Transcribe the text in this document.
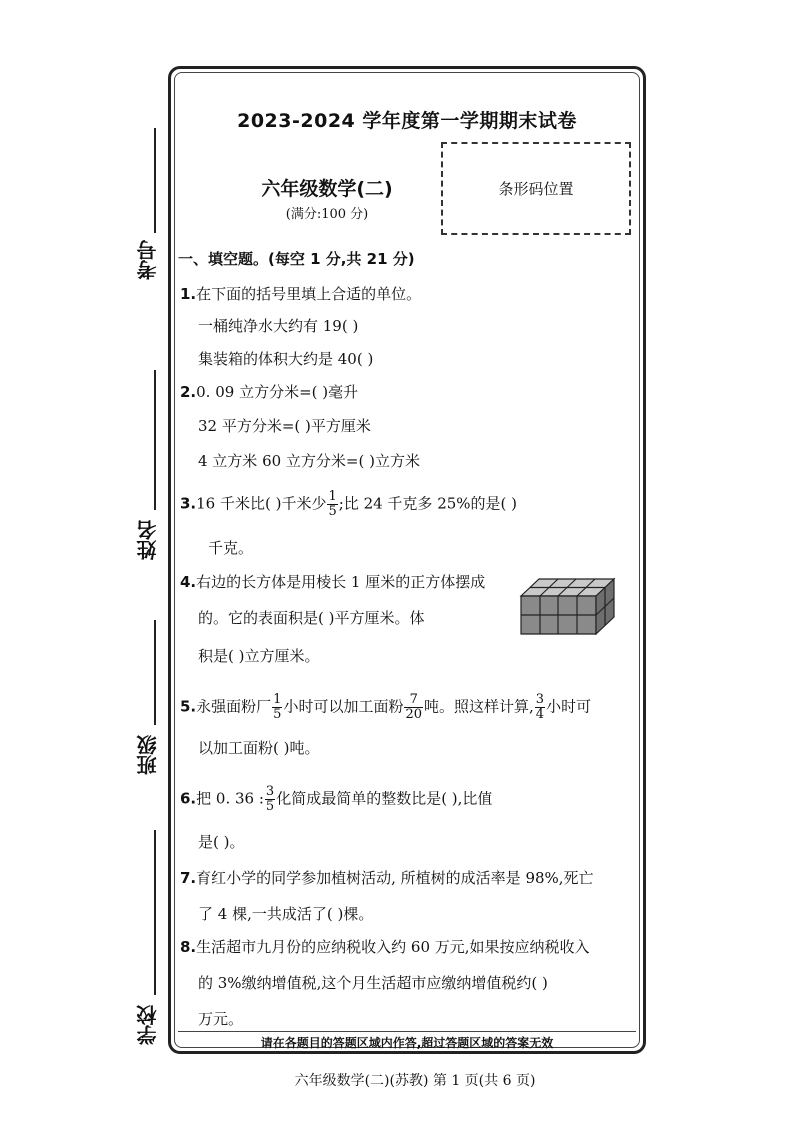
考号
姓名
班级
学校
2023-2024 学年度第一学期期末试卷
六年级数学(二)
(满分:100 分)
条形码位置
一、填空题。(每空 1 分,共 21 分)
1.在下面的括号里填上合适的单位。
一桶纯净水大约有 19( )
集装箱的体积大约是 40( )
2.0. 09 立方分米=( )毫升
32 平方分米=( )平方厘米
4 立方米 60 立方分米=( )立方米
3.16 千米比( )千米少 $\frac{1}{5}$ ;比 24 千克多 25%的是( )
千克。
4.右边的长方体是用棱长 1 厘米的正方体摆成
的。它的表面积是( )平方厘米。体
积是( )立方厘米。
5.永强面粉厂 $\frac{1}{5}$ 小时可以加工面粉 $\frac{7}{20}$ 吨。照这样计算, $\frac{3}{4}$ 小时可
以加工面粉( )吨。
6.把 0. 36 : $\frac{3}{5}$ 化简成最简单的整数比是( ),比值
是( )。
7.育红小学的同学参加植树活动, 所植树的成活率是 98%,死亡
了 4 棵,一共成活了( )棵。
8.生活超市九月份的应纳税收入约 60 万元,如果按应纳税收入
的 3%缴纳增值税,这个月生活超市应缴纳增值税约( )
万元。
请在各题目的答题区域内作答,超过答题区域的答案无效
六年级数学(二)(苏教) 第 1 页(共 6 页)
